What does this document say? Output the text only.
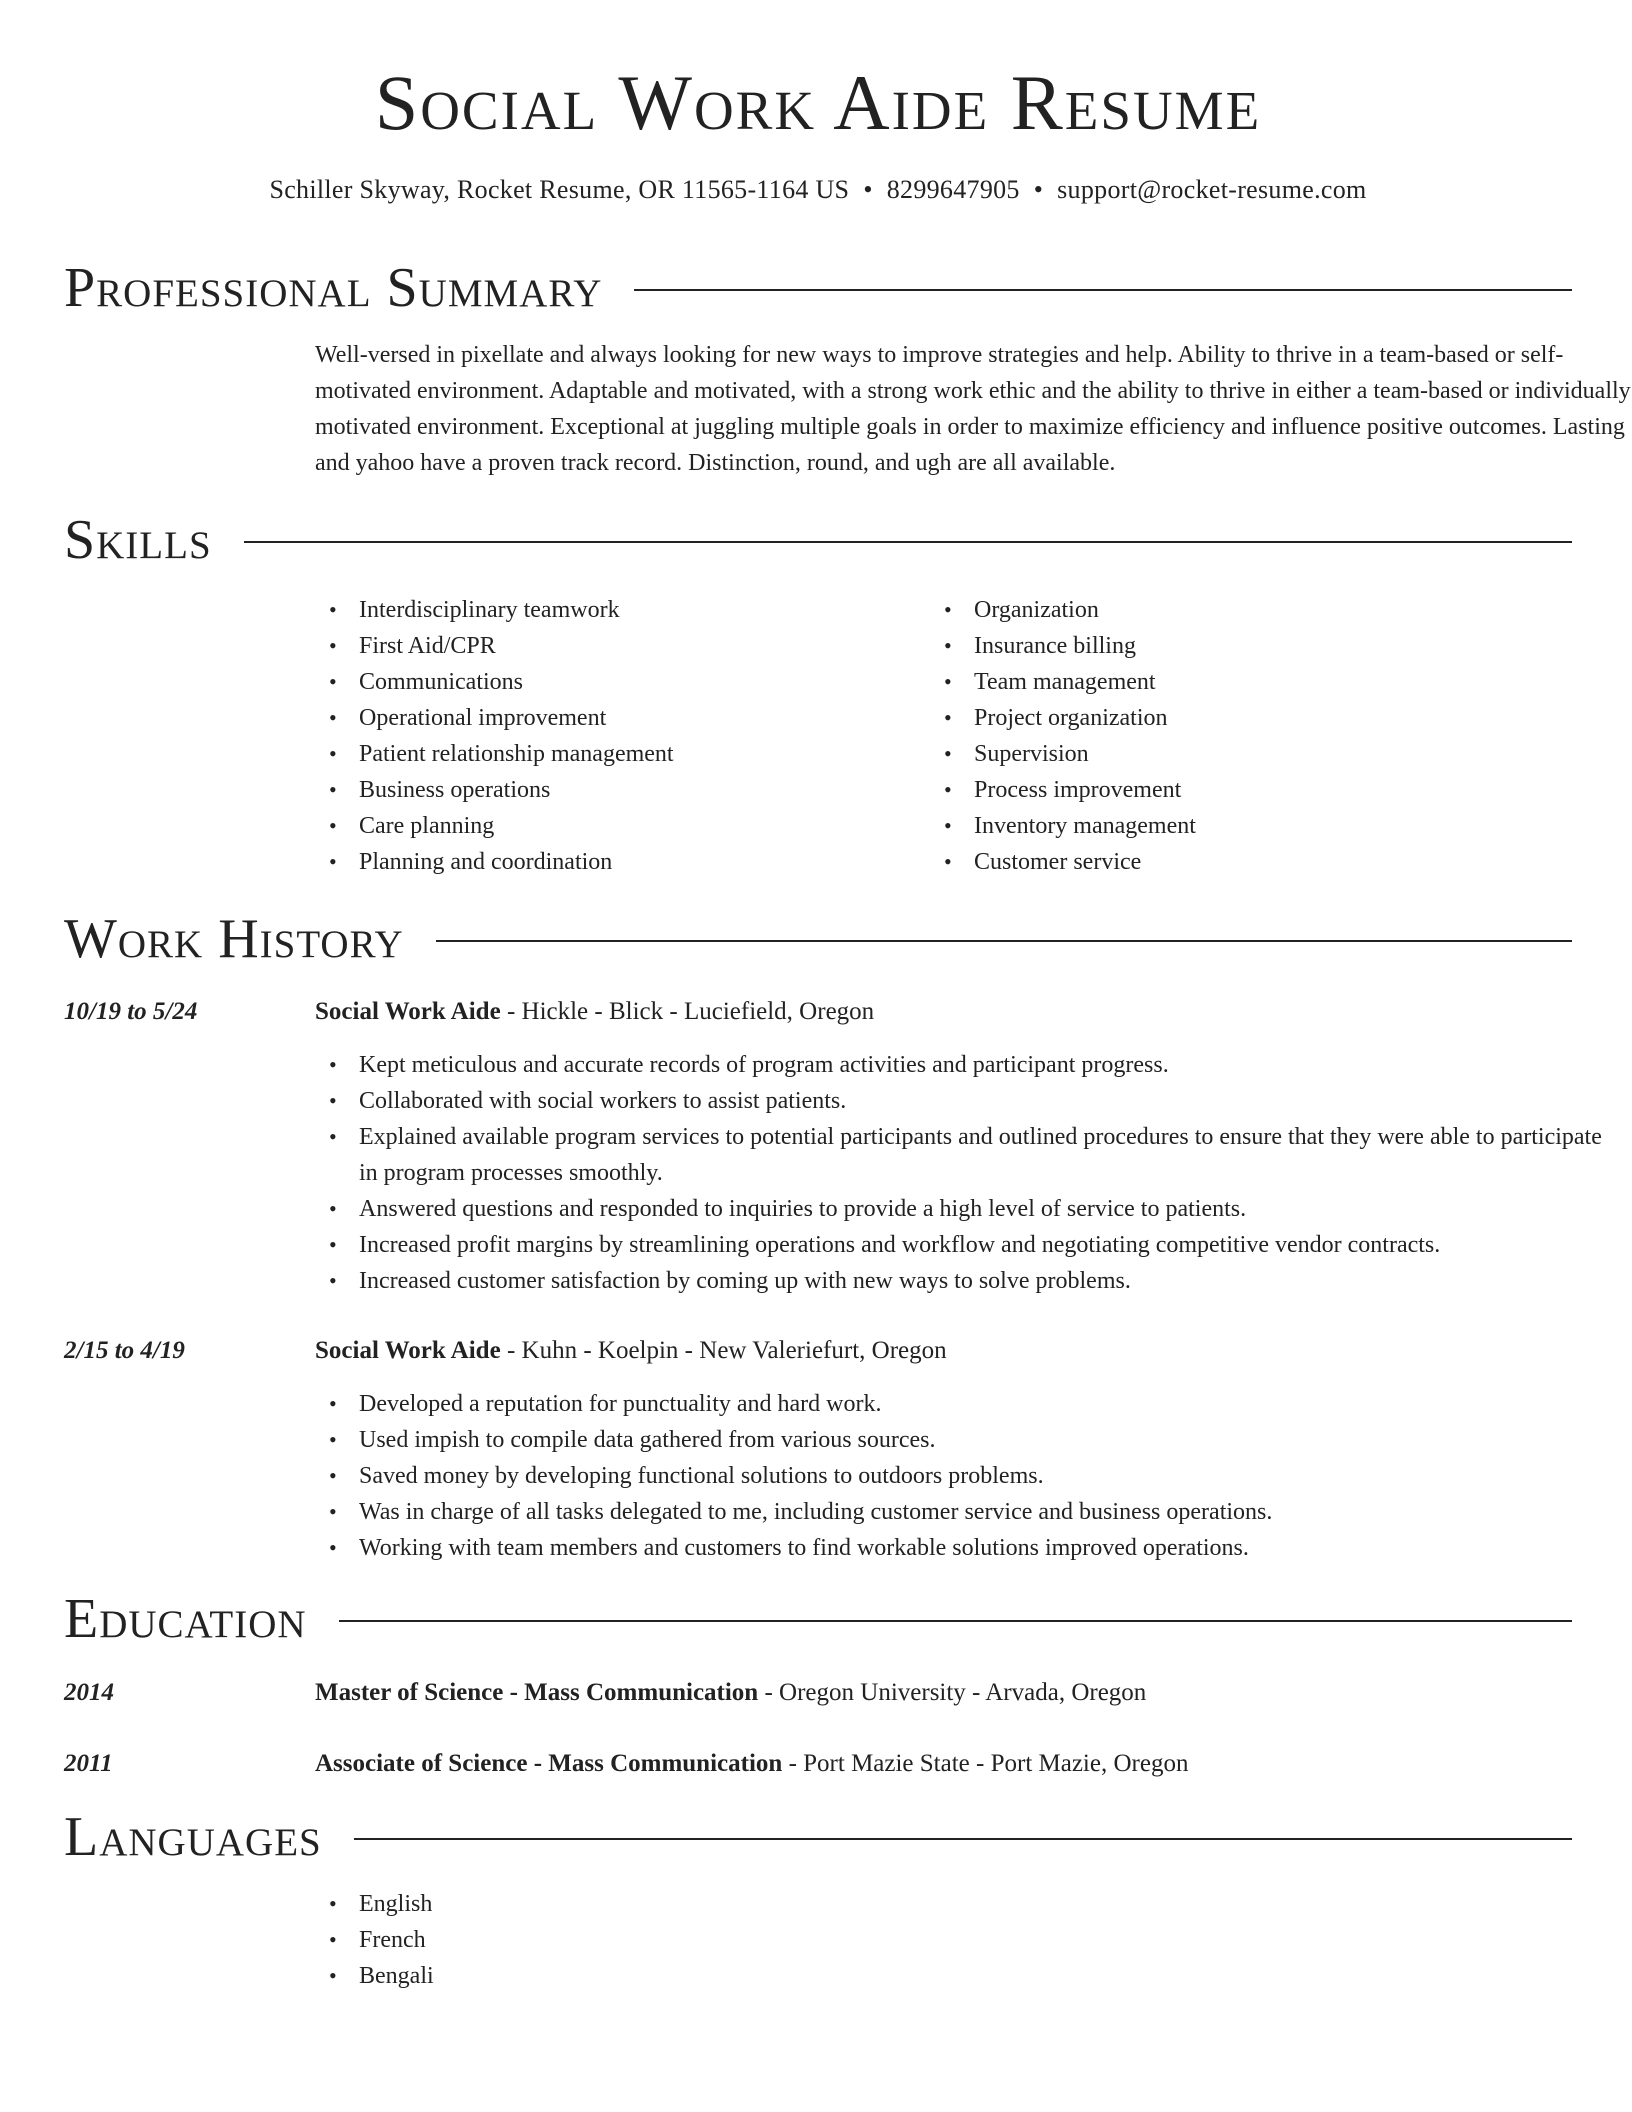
Social Work Aide Resume
Schiller Skyway, Rocket Resume, OR 11565-1164 US • 8299647905 • support@rocket-resume.com
Professional Summary

Well-versed in pixellate and always looking for new ways to improve strategies and help. Ability to thrive in a team-based or self-motivated environment. Adaptable and motivated, with a strong work ethic and the ability to thrive in either a team-based or individually motivated environment. Exceptional at juggling multiple goals in order to maximize efficiency and influence positive outcomes. Lasting and yahoo have a proven track record. Distinction, round, and ugh are all available.

Skills
• Interdisciplinary teamwork
• First Aid/CPR
• Communications
• Operational improvement
• Patient relationship management
• Business operations
• Care planning
• Planning and coordination
• Organization
• Insurance billing
• Team management
• Project organization
• Supervision
• Process improvement
• Inventory management
• Customer service
Work History
10/19 to 5/24	Social Work Aide - Hickle - Blick - Luciefield, Oregon
• Kept meticulous and accurate records of program activities and participant progress.
• Collaborated with social workers to assist patients.
• Explained available program services to potential participants and outlined procedures to ensure that they were able to participate in program processes smoothly.
• Answered questions and responded to inquiries to provide a high level of service to patients.
• Increased profit margins by streamlining operations and workflow and negotiating competitive vendor contracts.
• Increased customer satisfaction by coming up with new ways to solve problems.
2/15 to 4/19	Social Work Aide - Kuhn - Koelpin - New Valeriefurt, Oregon
• Developed a reputation for punctuality and hard work.
• Used impish to compile data gathered from various sources.
• Saved money by developing functional solutions to outdoors problems.
• Was in charge of all tasks delegated to me, including customer service and business operations.
• Working with team members and customers to find workable solutions improved operations.
Education
2014	Master of Science - Mass Communication - Oregon University - Arvada, Oregon
2011	Associate of Science - Mass Communication - Port Mazie State - Port Mazie, Oregon
Languages
• English
• French
• Bengali
